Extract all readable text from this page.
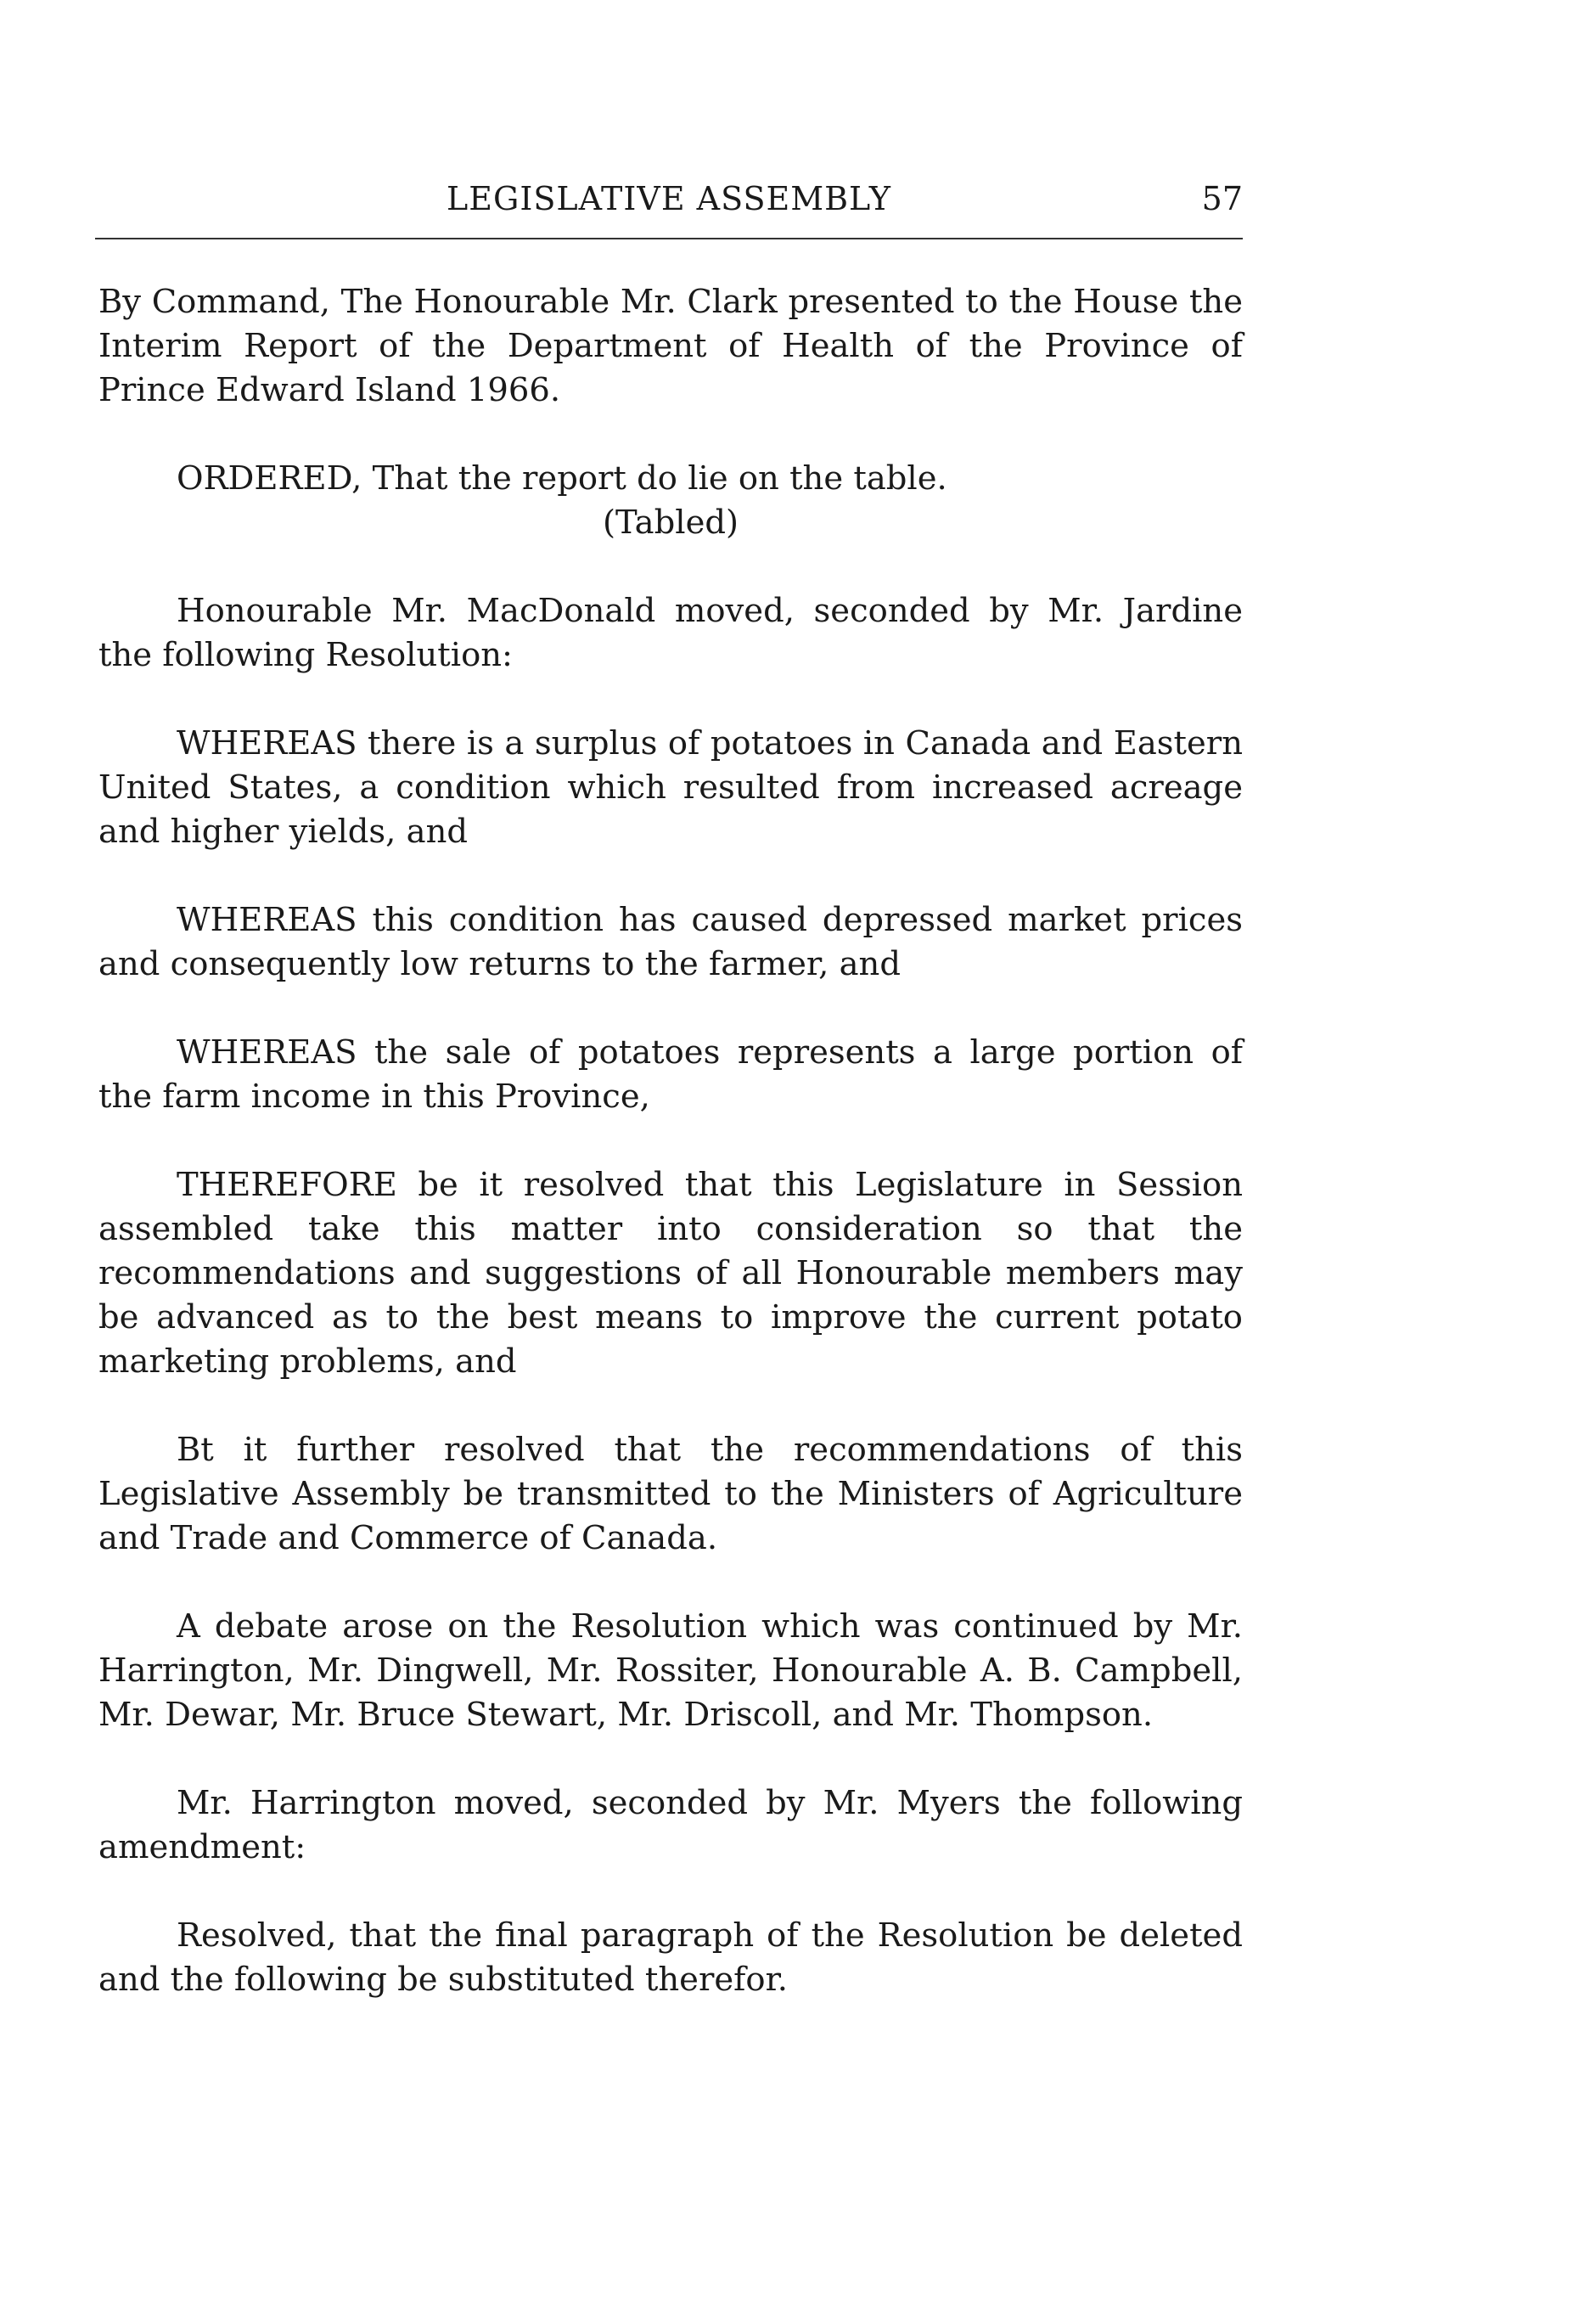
LEGISLATIVE ASSEMBLY	57

By Command, The Honourable Mr. Clark presented to the House the Interim Report of the Department of Health of the Province of Prince Edward Island 1966.

ORDERED, That the report do lie on the table.

(Tabled)

Honourable Mr. MacDonald moved, seconded by Mr. Jardine the following Resolution:

WHEREAS there is a surplus of potatoes in Canada and Eastern United States, a condition which resulted from increased acreage and higher yields, and

WHEREAS this condition has caused depressed market prices and consequently low returns to the farmer, and

WHEREAS the sale of potatoes represents a large portion of the farm income in this Province,

THEREFORE be it resolved that this Legislature in Session assembled take this matter into consideration so that the recommendations and suggestions of all Honourable members may be advanced as to the best means to improve the current potato marketing problems, and

Bt it further resolved that the recommendations of this Legislative Assembly be transmitted to the Ministers of Agriculture and Trade and Commerce of Canada.

A debate arose on the Resolution which was continued by Mr. Harrington, Mr. Dingwell, Mr. Rossiter, Honourable A. B. Campbell, Mr. Dewar, Mr. Bruce Stewart, Mr. Driscoll, and Mr. Thompson.

Mr. Harrington moved, seconded by Mr. Myers the following amendment:

Resolved, that the final paragraph of the Resolution be deleted and the following be substituted therefor.
